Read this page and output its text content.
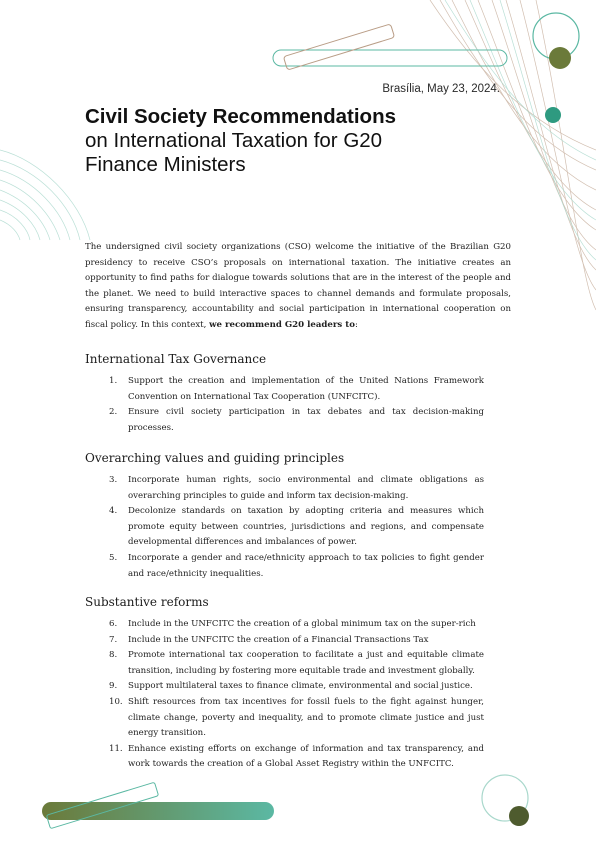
Brasília, May 23, 2024.
Civil Society Recommendations
on International Taxation for G20
Finance Ministers
The undersigned civil society organizations (CSO) welcome the initiative of the Brazilian G20 presidency to receive CSO’s proposals on international taxation. The initiative creates an opportunity to find paths for dialogue towards solutions that are in the interest of the people and the planet. We need to build interactive spaces to channel demands and formulate proposals, ensuring transparency, accountability and social participation in international cooperation on fiscal policy. In this context, we recommend G20 leaders to:
International Tax Governance
1. Support the creation and implementation of the United Nations Framework Convention on International Tax Cooperation (UNFCITC).
2. Ensure civil society participation in tax debates and tax decision-making processes.
Overarching values and guiding principles
3. Incorporate human rights, socio environmental and climate obligations as overarching principles to guide and inform tax decision-making.
4. Decolonize standards on taxation by adopting criteria and measures which promote equity between countries, jurisdictions and regions, and compensate developmental differences and imbalances of power.
5. Incorporate a gender and race/ethnicity approach to tax policies to fight gender and race/ethnicity inequalities.
Substantive reforms
6. Include in the UNFCITC the creation of a global minimum tax on the super-rich
7. Include in the UNFCITC the creation of a Financial Transactions Tax
8. Promote international tax cooperation to facilitate a just and equitable climate transition, including by fostering more equitable trade and investment globally.
9. Support multilateral taxes to finance climate, environmental and social justice.
10. Shift resources from tax incentives for fossil fuels to the fight against hunger, climate change, poverty and inequality, and to promote climate justice and just energy transition.
11. Enhance existing efforts on exchange of information and tax transparency, and work towards the creation of a Global Asset Registry within the UNFCITC.
